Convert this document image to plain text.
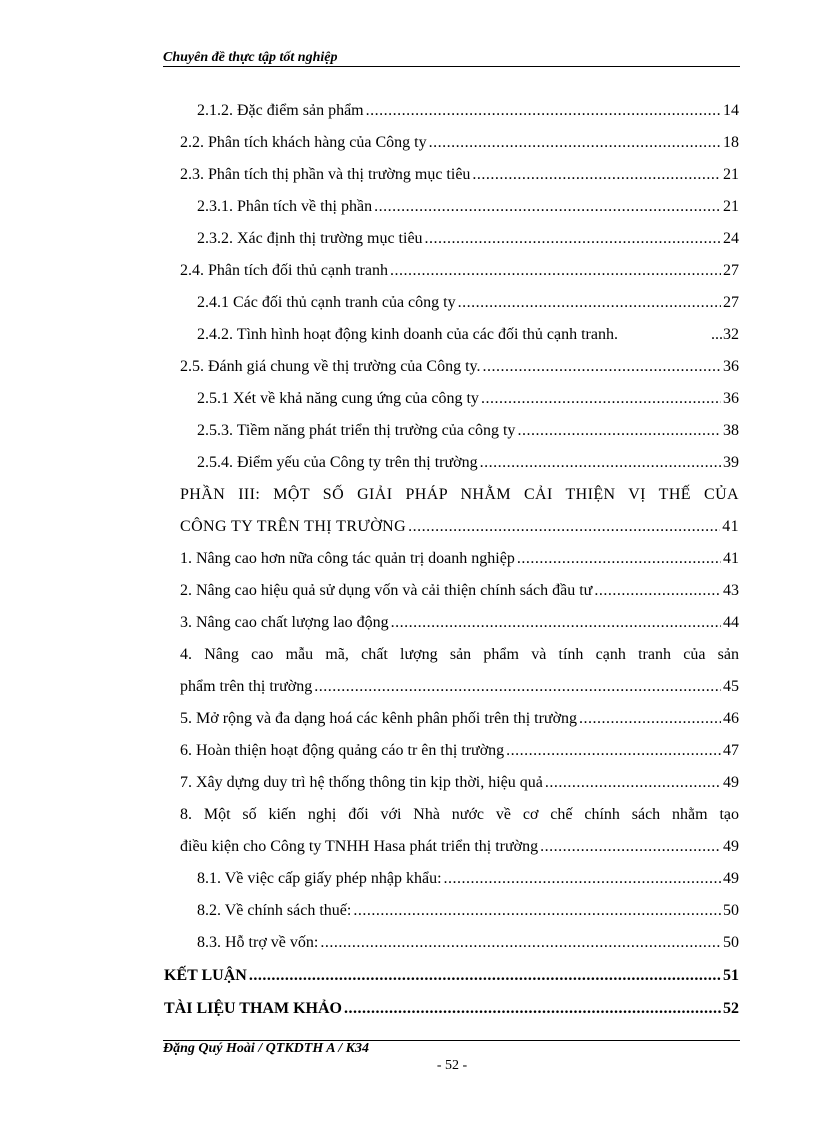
Chuyên đề thực tập tốt nghiệp
2.1.2. Đặc điểm sản phẩm .....	14
2.2. Phân tích khách hàng của Công ty .....	18
2.3. Phân tích thị phần và thị trường mục tiêu .....	21
2.3.1. Phân tích về thị phần .....	21
2.3.2. Xác định thị trường mục tiêu .....	24
2.4. Phân tích đối thủ cạnh tranh .....	27
2.4.1 Các đối thủ cạnh tranh của công ty .....	27
2.4.2. Tình hình hoạt động kinh doanh của các đối thủ cạnh tranh.	...32
2.5. Đánh giá chung về thị trường của Công ty. .....	36
2.5.1 Xét về khả năng cung ứng của công ty .....	36
2.5.3. Tiềm năng phát triển thị trường của công ty .....	38
2.5.4. Điểm yếu của Công ty trên thị trường .....	39
PHẦN III: MỘT SỐ GIẢI PHÁP NHẰM CẢI THIỆN VỊ THẾ CỦA
CÔNG TY TRÊN THỊ TRƯỜNG .....	41
1. Nâng cao hơn nữa công tác quản trị doanh nghiệp .....	41
2. Nâng cao hiệu quả sử dụng vốn và cải thiện chính sách đầu tư .....	43
3. Nâng cao chất lượng lao động .....	44
4. Nâng cao mẫu mã, chất lượng sản phẩm và tính cạnh tranh của sản
phẩm trên thị trường .....	45
5. Mở rộng và đa dạng hoá các kênh phân phối trên thị trường .....	46
6. Hoàn thiện hoạt động quảng cáo tr ên thị trường .....	47
7. Xây dựng duy trì hệ thống thông tin kịp thời, hiệu quả .....	49
8. Một số kiến nghị đối với Nhà nước về cơ chế chính sách nhằm tạo
điều kiện cho Công ty TNHH Hasa phát triển thị trường .....	49
8.1. Về việc cấp giấy phép nhập khẩu: .....	49
8.2. Về chính sách thuế: .....	50
8.3. Hỗ trợ về vốn: .....	50
KẾT LUẬN .....	51
TÀI LIỆU THAM KHẢO .....	52
Đặng Quý Hoài / QTKDTH A / K34
- 52 -
